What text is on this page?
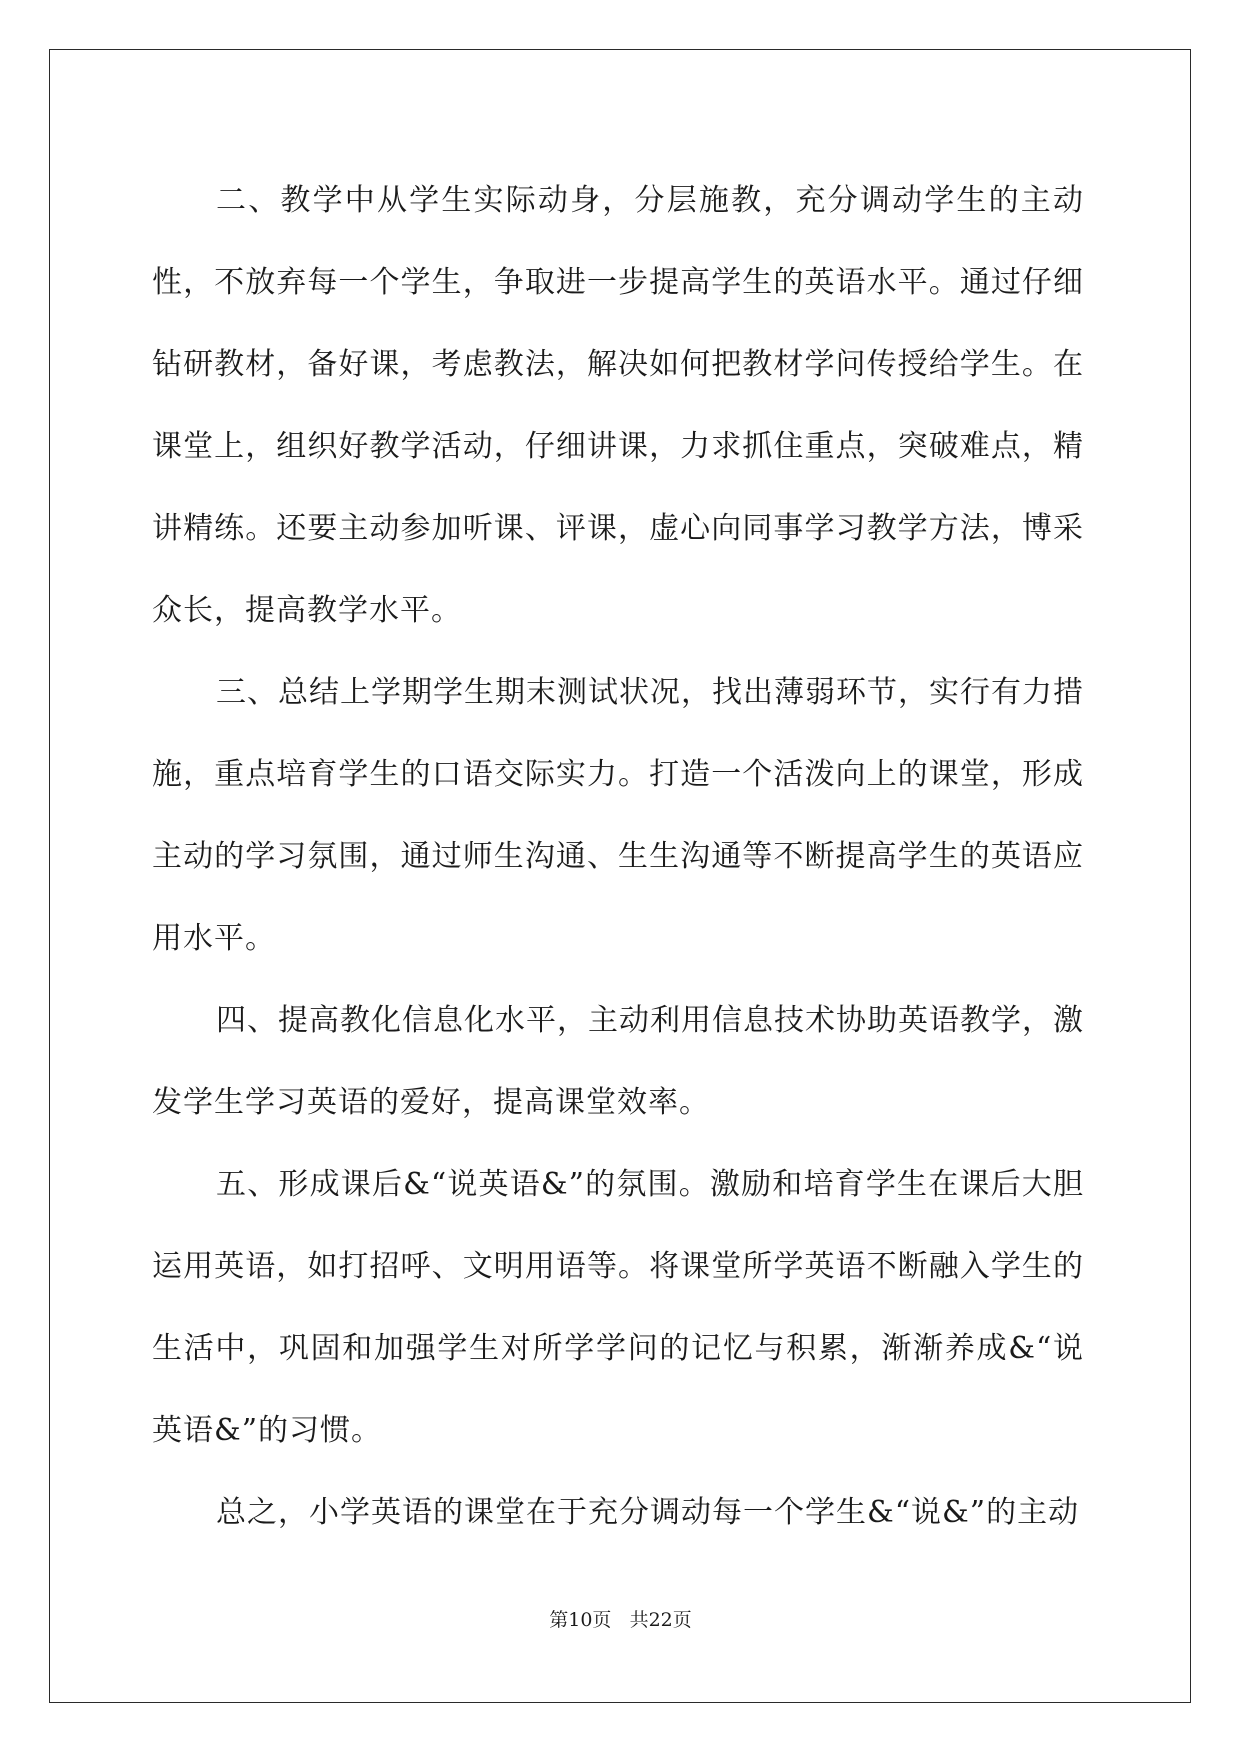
二、教学中从学生实际动身，分层施教，充分调动学生的主动性，不放弃每一个学生，争取进一步提高学生的英语水平。通过仔细钻研教材，备好课，考虑教法，解决如何把教材学问传授给学生。在课堂上，组织好教学活动，仔细讲课，力求抓住重点，突破难点，精讲精练。还要主动参加听课、评课，虚心向同事学习教学方法，博采众长，提高教学水平。

三、总结上学期学生期末测试状况，找出薄弱环节，实行有力措施，重点培育学生的口语交际实力。打造一个活泼向上的课堂，形成主动的学习氛围，通过师生沟通、生生沟通等不断提高学生的英语应用水平。

四、提高教化信息化水平，主动利用信息技术协助英语教学，激发学生学习英语的爱好，提高课堂效率。

五、形成课后&“说英语&”的氛围。激励和培育学生在课后大胆运用英语，如打招呼、文明用语等。将课堂所学英语不断融入学生的生活中，巩固和加强学生对所学学问的记忆与积累，渐渐养成&“说英语&”的习惯。

总之，小学英语的课堂在于充分调动每一个学生&“说&”的主动

第10页 共22页
